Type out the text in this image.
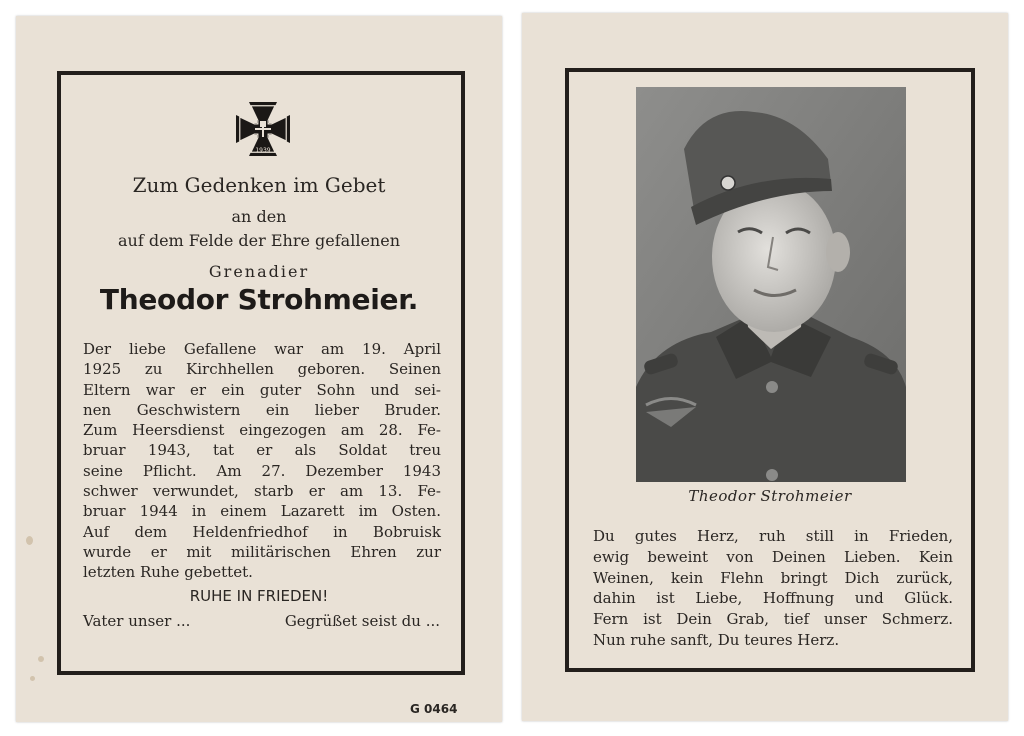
1939
Zum Gedenken im Gebet
an den
auf dem Felde der Ehre gefallenen
Grenadier
Theodor Strohmeier.
Der liebe Gefallene war am 19. April
1925 zu Kirchhellen geboren. Seinen
Eltern war er ein guter Sohn und sei-
nen Geschwistern ein lieber Bruder.
Zum Heersdienst eingezogen am 28. Fe-
bruar 1943, tat er als Soldat treu
seine Pflicht. Am 27. Dezember 1943
schwer verwundet, starb er am 13. Fe-
bruar 1944 in einem Lazarett im Osten.
Auf dem Heldenfriedhof in Bobruisk
wurde er mit militärischen Ehren zur
letzten Ruhe gebettet.
RUHE IN FRIEDEN!
Vater unser ...	Gegrüßet seist du ...
G 0464
Theodor Strohmeier
Du gutes Herz, ruh still in Frieden,
ewig beweint von Deinen Lieben. Kein
Weinen, kein Flehn bringt Dich zurück,
dahin ist Liebe, Hoffnung und Glück.
Fern ist Dein Grab, tief unser Schmerz.
Nun ruhe sanft, Du teures Herz.
